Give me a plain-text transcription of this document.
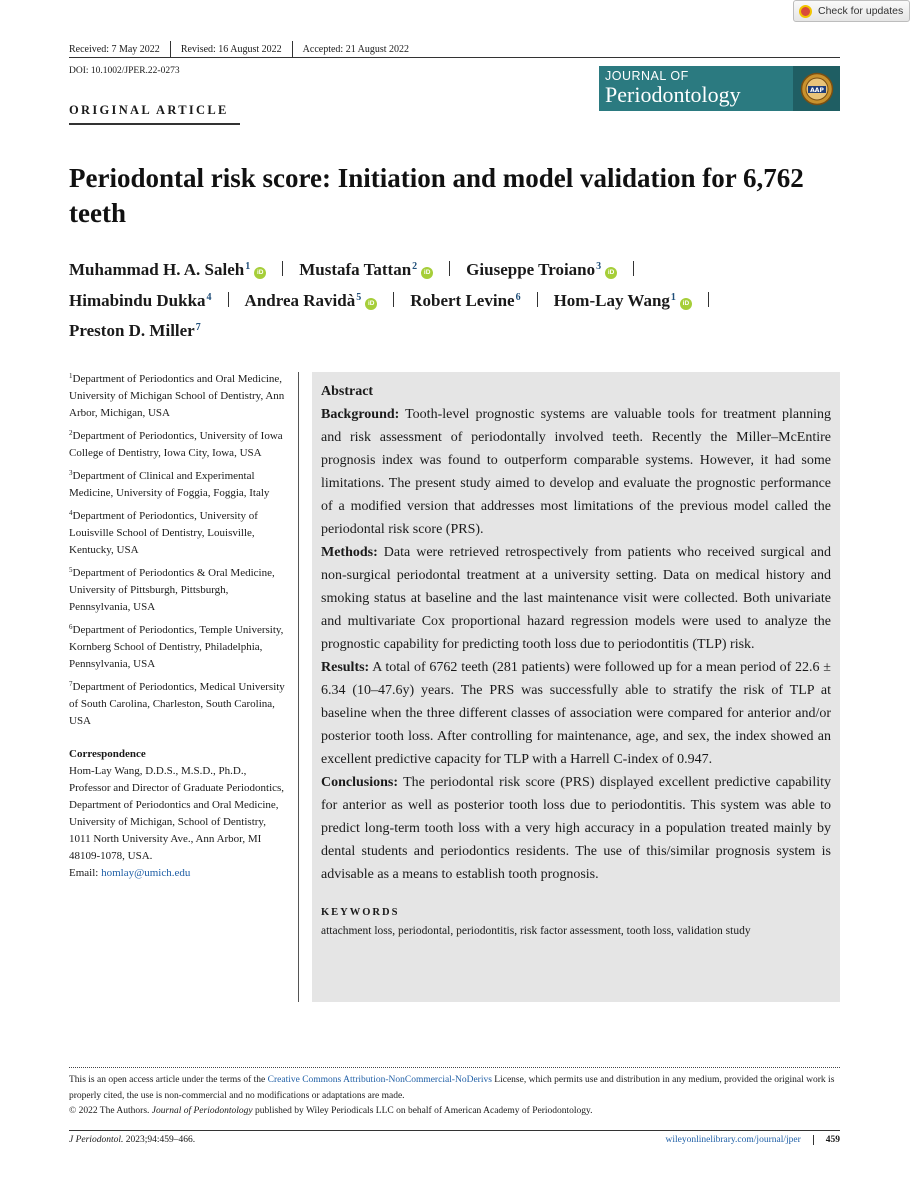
Check for updates
Received: 7 May 2022	Revised: 16 August 2022	Accepted: 21 August 2022
DOI: 10.1002/JPER.22-0273	JOURNAL OF
Periodontology	AAP
ORIGINAL ARTICLE
Periodontal risk score: Initiation and model validation for 6,762 teeth
Muhammad H. A. Saleh$^1$iD Mustafa Tattan$^2$iD Giuseppe Troiano$^3$iD
Himabindu Dukka$^4$ Andrea Ravidà$^5$iD Robert Levine$^6$ Hom-Lay Wang$^1$iD
Preston D. Miller$^7$
$^1$Department of Periodontics and Oral Medicine, University of Michigan School of Dentistry, Ann Arbor, Michigan, USA
$^2$Department of Periodontics, University of Iowa College of Dentistry, Iowa City, Iowa, USA
$^3$Department of Clinical and Experimental Medicine, University of Foggia, Foggia, Italy
$^4$Department of Periodontics, University of Louisville School of Dentistry, Louisville, Kentucky, USA
$^5$Department of Periodontics & Oral Medicine, University of Pittsburgh, Pittsburgh, Pennsylvania, USA
$^6$Department of Periodontics, Temple University, Kornberg School of Dentistry, Philadelphia, Pennsylvania, USA
$^7$Department of Periodontics, Medical University of South Carolina, Charleston, South Carolina, USA
Correspondence
Hom-Lay Wang, D.D.S., M.S.D., Ph.D., Professor and Director of Graduate Periodontics, Department of Periodontics and Oral Medicine, University of Michigan, School of Dentistry, 1011 North University Ave., Ann Arbor, MI 48109-1078, USA.
Email: homlay@umich.edu
Abstract

Background: Tooth-level prognostic systems are valuable tools for treatment planning and risk assessment of periodontally involved teeth. Recently the Miller–McEntire prognosis index was found to outperform comparable systems. However, it had some limitations. The present study aimed to develop and evaluate the prognostic performance of a modified version that addresses most limitations of the previous model called the periodontal risk score (PRS).

Methods: Data were retrieved retrospectively from patients who received surgical and non-surgical periodontal treatment at a university setting. Data on medical history and smoking status at baseline and the last maintenance visit were collected. Both univariate and multivariate Cox proportional hazard regression models were used to analyze the prognostic capability for predicting tooth loss due to periodontitis (TLP) risk.

Results: A total of 6762 teeth (281 patients) were followed up for a mean period of 22.6 ± 6.34 (10–47.6y) years. The PRS was successfully able to stratify the risk of TLP at baseline when the three different classes of association were compared for anterior and/or posterior tooth loss. After controlling for maintenance, age, and sex, the index showed an excellent predictive capacity for TLP with a Harrell C-index of 0.947.

Conclusions: The periodontal risk score (PRS) displayed excellent predictive capability for anterior as well as posterior tooth loss due to periodontitis. This system was able to predict long-term tooth loss with a very high accuracy in a population treated mainly by dental students and periodontics residents. The use of this/similar prognosis system is advisable as a means to establish tooth prognosis.

KEYWORDS
attachment loss, periodontal, periodontitis, risk factor assessment, tooth loss, validation study
This is an open access article under the terms of the Creative Commons Attribution-NonCommercial-NoDerivs License, which permits use and distribution in any medium, provided the original work is properly cited, the use is non-commercial and no modifications or adaptations are made.
© 2022 The Authors. Journal of Periodontology published by Wiley Periodicals LLC on behalf of American Academy of Periodontology.
J Periodontol. 2023;94:459–466.	wileyonlinelibrary.com/journal/jper	459
